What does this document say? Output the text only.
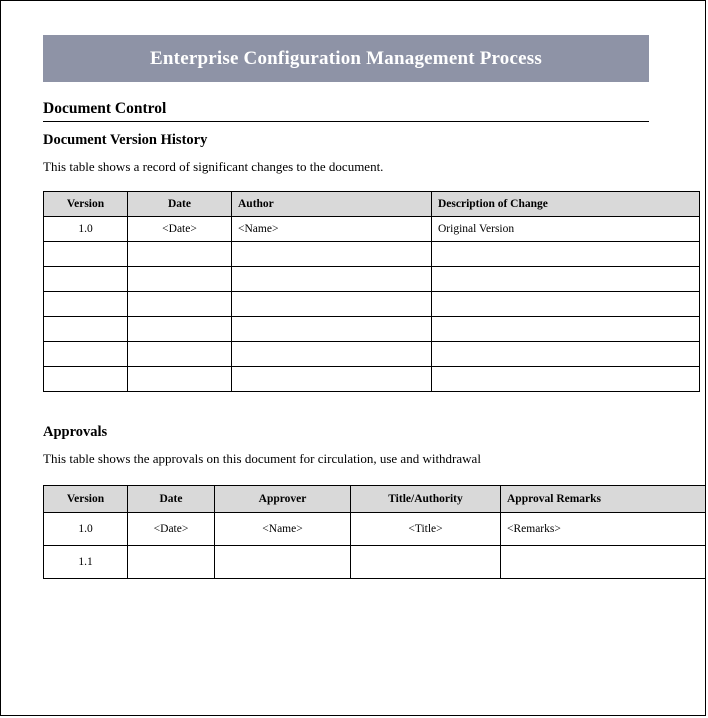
Enterprise Configuration Management Process
Document Control
Document Version History
This table shows a record of significant changes to the document.
Version	Date	Author	Description of Change
1.0	<Date>	<Name>	Original Version

Approvals
This table shows the approvals on this document for circulation, use and withdrawal
Version	Date	Approver	Title/Authority	Approval Remarks
1.0	<Date>	<Name>	<Title>	<Remarks>
1.1				
